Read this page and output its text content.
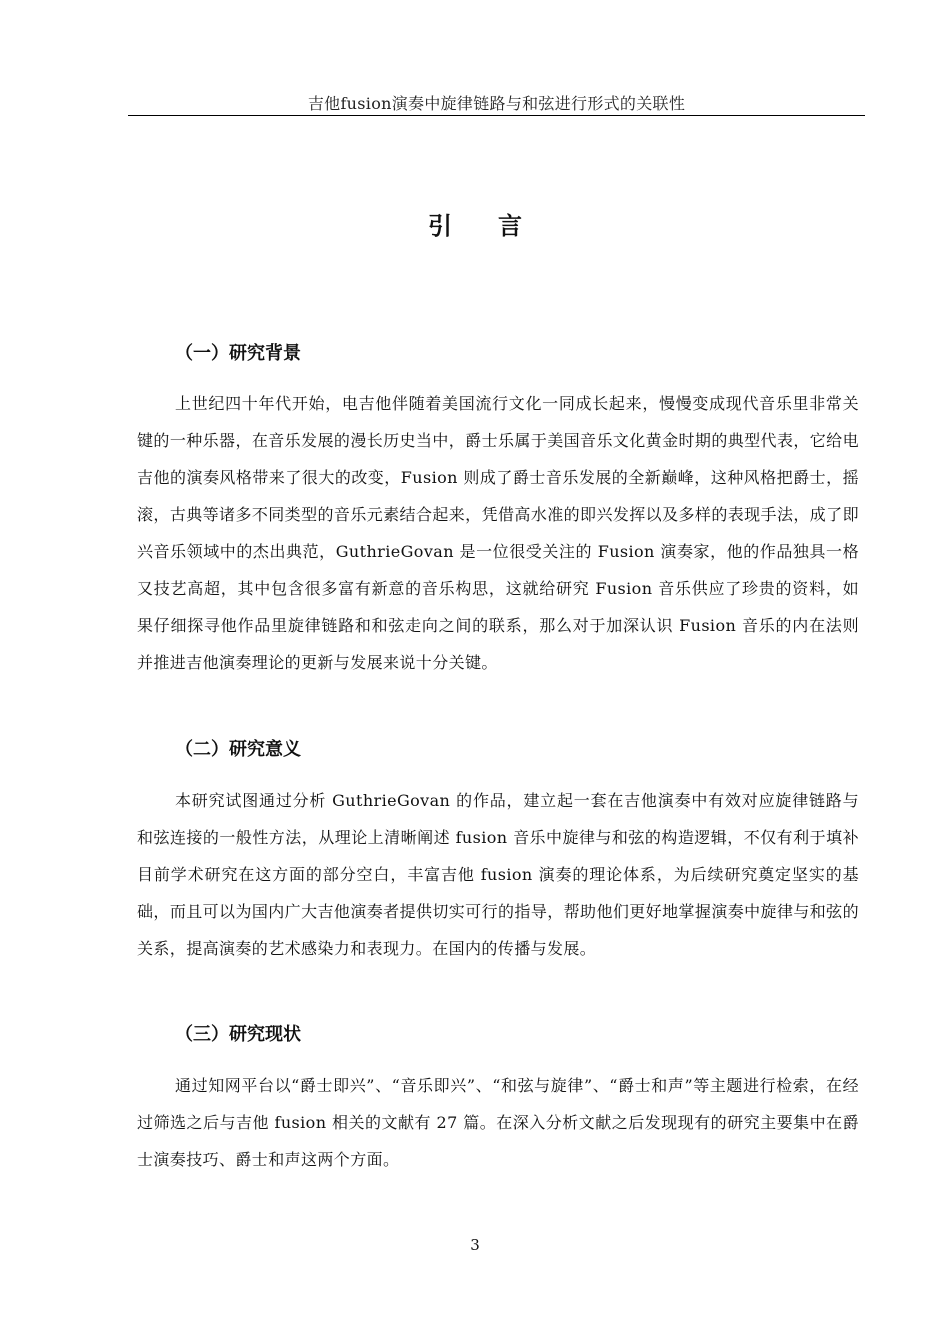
吉他fusion演奏中旋律链路与和弦进行形式的关联性
引言
（一）研究背景

上世纪四十年代开始，电吉他伴随着美国流行文化一同成长起来，慢慢变成现代音乐里非常关键的一种乐器，在音乐发展的漫长历史当中，爵士乐属于美国音乐文化黄金时期的典型代表，它给电吉他的演奏风格带来了很大的改变，Fusion 则成了爵士音乐发展的全新巅峰，这种风格把爵士，摇滚，古典等诸多不同类型的音乐元素结合起来，凭借高水准的即兴发挥以及多样的表现手法，成了即兴音乐领域中的杰出典范，GuthrieGovan 是一位很受关注的 Fusion 演奏家，他的作品独具一格又技艺高超，其中包含很多富有新意的音乐构思，这就给研究 Fusion 音乐供应了珍贵的资料，如果仔细探寻他作品里旋律链路和和弦走向之间的联系，那么对于加深认识 Fusion 音乐的内在法则并推进吉他演奏理论的更新与发展来说十分关键。

（二）研究意义

本研究试图通过分析 GuthrieGovan 的作品，建立起一套在吉他演奏中有效对应旋律链路与和弦连接的一般性方法，从理论上清晰阐述 fusion 音乐中旋律与和弦的构造逻辑，不仅有利于填补目前学术研究在这方面的部分空白，丰富吉他 fusion 演奏的理论体系，为后续研究奠定坚实的基础，而且可以为国内广大吉他演奏者提供切实可行的指导，帮助他们更好地掌握演奏中旋律与和弦的关系，提高演奏的艺术感染力和表现力。在国内的传播与发展。

（三）研究现状

通过知网平台以“爵士即兴”、“音乐即兴”、“和弦与旋律”、“爵士和声”等主题进行检索，在经过筛选之后与吉他 fusion 相关的文献有 27 篇。在深入分析文献之后发现现有的研究主要集中在爵士演奏技巧、爵士和声这两个方面。

3
